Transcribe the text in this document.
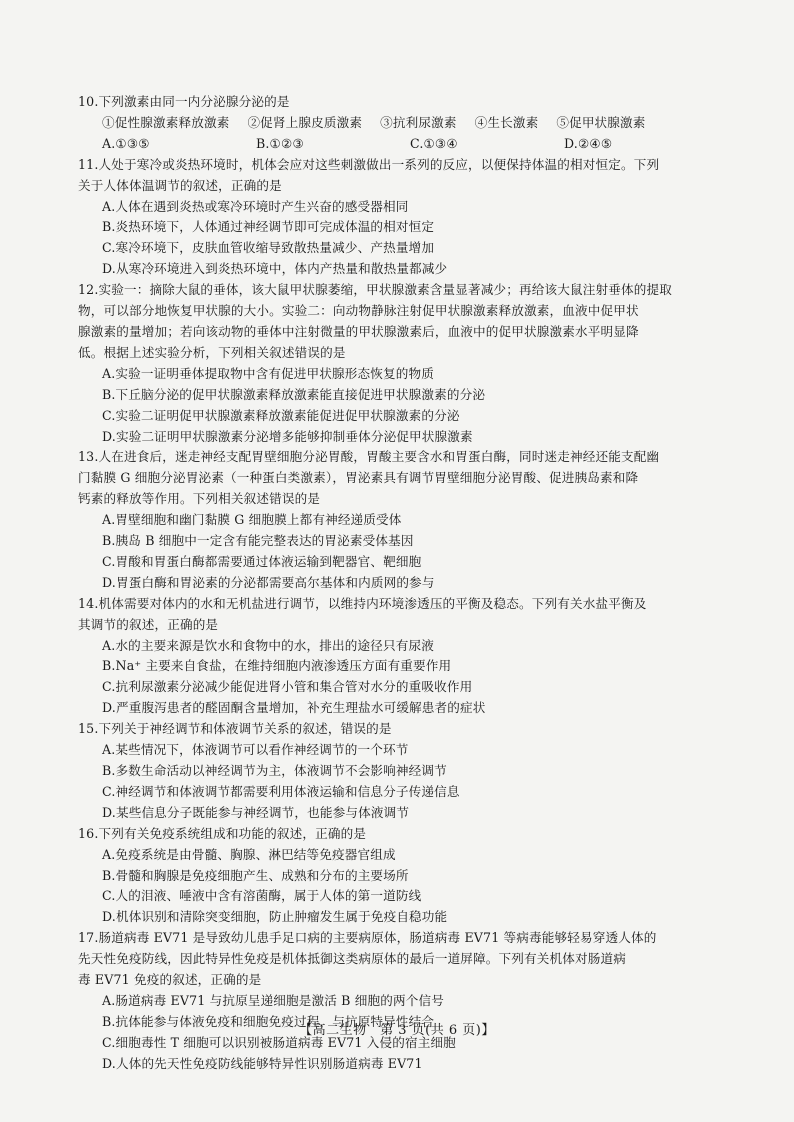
10.下列激素由同一内分泌腺分泌的是
①促性腺激素释放激素 ②促肾上腺皮质激素 ③抗利尿激素 ④生长激素 ⑤促甲状腺激素
A.①③⑤	B.①②③	C.①③④	D.②④⑤
11.人处于寒冷或炎热环境时，机体会应对这些刺激做出一系列的反应，以便保持体温的相对恒定。下列
关于人体体温调节的叙述，正确的是
A.人体在遇到炎热或寒冷环境时产生兴奋的感受器相同
B.炎热环境下，人体通过神经调节即可完成体温的相对恒定
C.寒冷环境下，皮肤血管收缩导致散热量减少、产热量增加
D.从寒冷环境进入到炎热环境中，体内产热量和散热量都减少
12.实验一：摘除大鼠的垂体，该大鼠甲状腺萎缩，甲状腺激素含量显著减少；再给该大鼠注射垂体的提取
物，可以部分地恢复甲状腺的大小。实验二：向动物静脉注射促甲状腺激素释放激素，血液中促甲状
腺激素的量增加；若向该动物的垂体中注射微量的甲状腺激素后，血液中的促甲状腺激素水平明显降
低。根据上述实验分析，下列相关叙述错误的是
A.实验一证明垂体提取物中含有促进甲状腺形态恢复的物质
B.下丘脑分泌的促甲状腺激素释放激素能直接促进甲状腺激素的分泌
C.实验二证明促甲状腺激素释放激素能促进促甲状腺激素的分泌
D.实验二证明甲状腺激素分泌增多能够抑制垂体分泌促甲状腺激素
13.人在进食后，迷走神经支配胃壁细胞分泌胃酸，胃酸主要含水和胃蛋白酶，同时迷走神经还能支配幽
门黏膜 G 细胞分泌胃泌素（一种蛋白类激素），胃泌素具有调节胃壁细胞分泌胃酸、促进胰岛素和降
钙素的释放等作用。下列相关叙述错误的是
A.胃壁细胞和幽门黏膜 G 细胞膜上都有神经递质受体
B.胰岛 B 细胞中一定含有能完整表达的胃泌素受体基因
C.胃酸和胃蛋白酶都需要通过体液运输到靶器官、靶细胞
D.胃蛋白酶和胃泌素的分泌都需要高尔基体和内质网的参与
14.机体需要对体内的水和无机盐进行调节，以维持内环境渗透压的平衡及稳态。下列有关水盐平衡及
其调节的叙述，正确的是
A.水的主要来源是饮水和食物中的水，排出的途径只有尿液
B.Na⁺ 主要来自食盐，在维持细胞内液渗透压方面有重要作用
C.抗利尿激素分泌减少能促进肾小管和集合管对水分的重吸收作用
D.严重腹泻患者的醛固酮含量增加，补充生理盐水可缓解患者的症状
15.下列关于神经调节和体液调节关系的叙述，错误的是
A.某些情况下，体液调节可以看作神经调节的一个环节
B.多数生命活动以神经调节为主，体液调节不会影响神经调节
C.神经调节和体液调节都需要利用体液运输和信息分子传递信息
D.某些信息分子既能参与神经调节，也能参与体液调节
16.下列有关免疫系统组成和功能的叙述，正确的是
A.免疫系统是由骨髓、胸腺、淋巴结等免疫器官组成
B.骨髓和胸腺是免疫细胞产生、成熟和分布的主要场所
C.人的泪液、唾液中含有溶菌酶，属于人体的第一道防线
D.机体识别和清除突变细胞，防止肿瘤发生属于免疫自稳功能
17.肠道病毒 EV71 是导致幼儿患手足口病的主要病原体，肠道病毒 EV71 等病毒能够轻易穿透人体的
先天性免疫防线，因此特异性免疫是机体抵御这类病原体的最后一道屏障。下列有关机体对肠道病
毒 EV71 免疫的叙述，正确的是
A.肠道病毒 EV71 与抗原呈递细胞是激活 B 细胞的两个信号
B.抗体能参与体液免疫和细胞免疫过程，与抗原特异性结合
C.细胞毒性 T 细胞可以识别被肠道病毒 EV71 入侵的宿主细胞
D.人体的先天性免疫防线能够特异性识别肠道病毒 EV71
【高二生物　第 3 页(共 6 页)】
